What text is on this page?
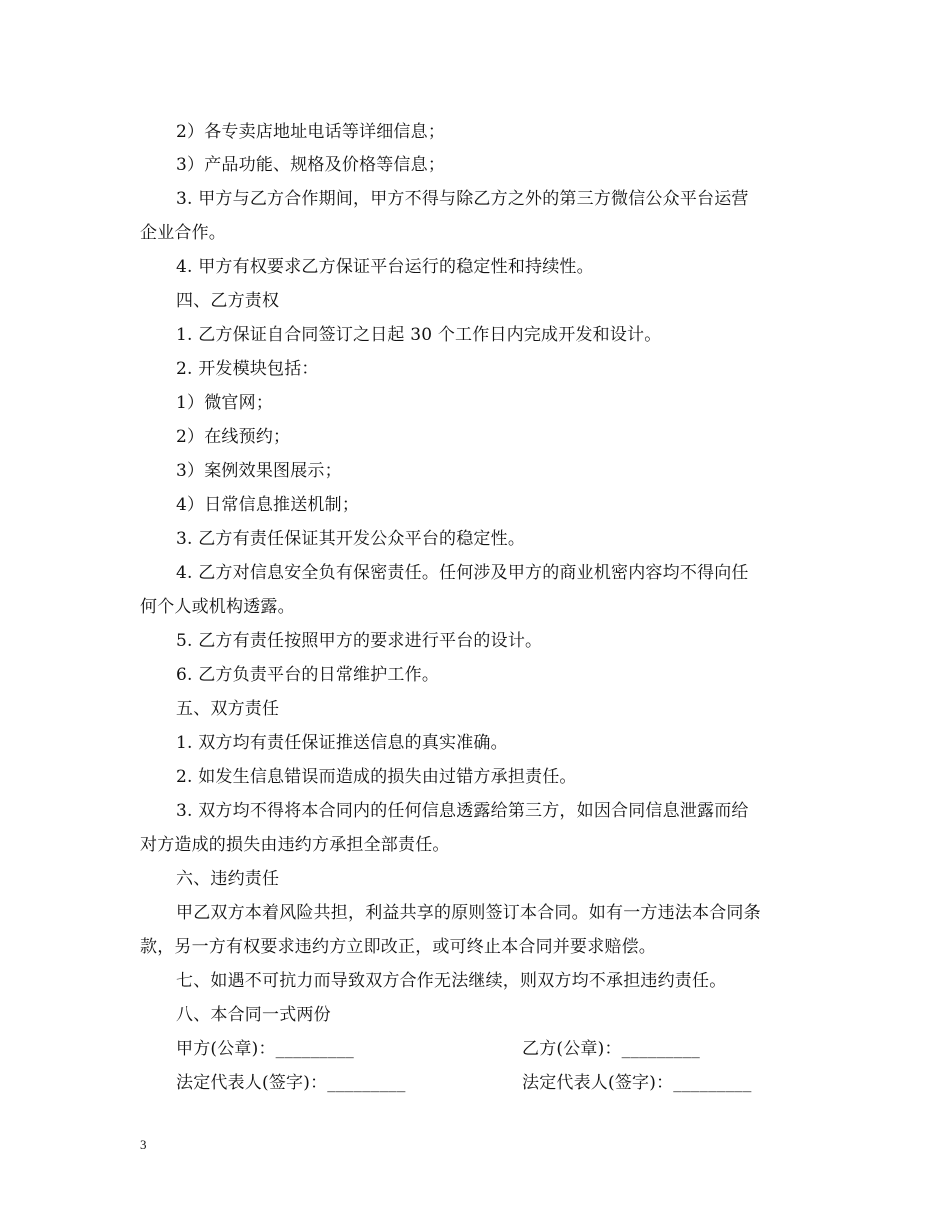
2）各专卖店地址电话等详细信息；
3）产品功能、规格及价格等信息；
3. 甲方与乙方合作期间，甲方不得与除乙方之外的第三方微信公众平台运营
企业合作。
4. 甲方有权要求乙方保证平台运行的稳定性和持续性。
四、乙方责权
1. 乙方保证自合同签订之日起 30 个工作日内完成开发和设计。
2. 开发模块包括：
1）微官网；
2）在线预约；
3）案例效果图展示；
4）日常信息推送机制；
3. 乙方有责任保证其开发公众平台的稳定性。
4. 乙方对信息安全负有保密责任。任何涉及甲方的商业机密内容均不得向任
何个人或机构透露。
5. 乙方有责任按照甲方的要求进行平台的设计。
6. 乙方负责平台的日常维护工作。
五、双方责任
1. 双方均有责任保证推送信息的真实准确。
2. 如发生信息错误而造成的损失由过错方承担责任。
3. 双方均不得将本合同内的任何信息透露给第三方，如因合同信息泄露而给
对方造成的损失由违约方承担全部责任。
六、违约责任
甲乙双方本着风险共担，利益共享的原则签订本合同。如有一方违法本合同条
款，另一方有权要求违约方立即改正，或可终止本合同并要求赔偿。
七、如遇不可抗力而导致双方合作无法继续，则双方均不承担违约责任。
八、本合同一式两份
甲方(公章)：_________	乙方(公章)：_________
法定代表人(签字)：_________	法定代表人(签字)：_________
3
